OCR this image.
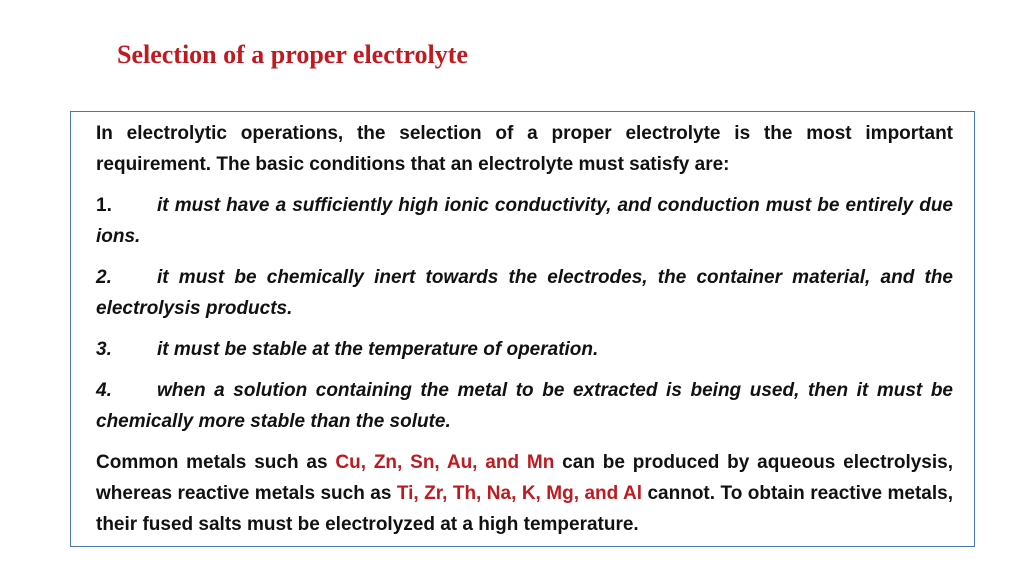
Selection of a proper electrolyte

In electrolytic operations, the selection of a proper electrolyte is the most important requirement. The basic conditions that an electrolyte must satisfy are:

1. it must have a sufficiently high ionic conductivity, and conduction must be entirely due ions.

2. it must be chemically inert towards the electrodes, the container material, and the electrolysis products.

3. it must be stable at the temperature of operation.

4. when a solution containing the metal to be extracted is being used, then it must be chemically more stable than the solute.

Common metals such as Cu, Zn, Sn, Au, and Mn can be produced by aqueous electrolysis, whereas reactive metals such as Ti, Zr, Th, Na, K, Mg, and Al cannot. To obtain reactive metals, their fused salts must be electrolyzed at a high temperature.
